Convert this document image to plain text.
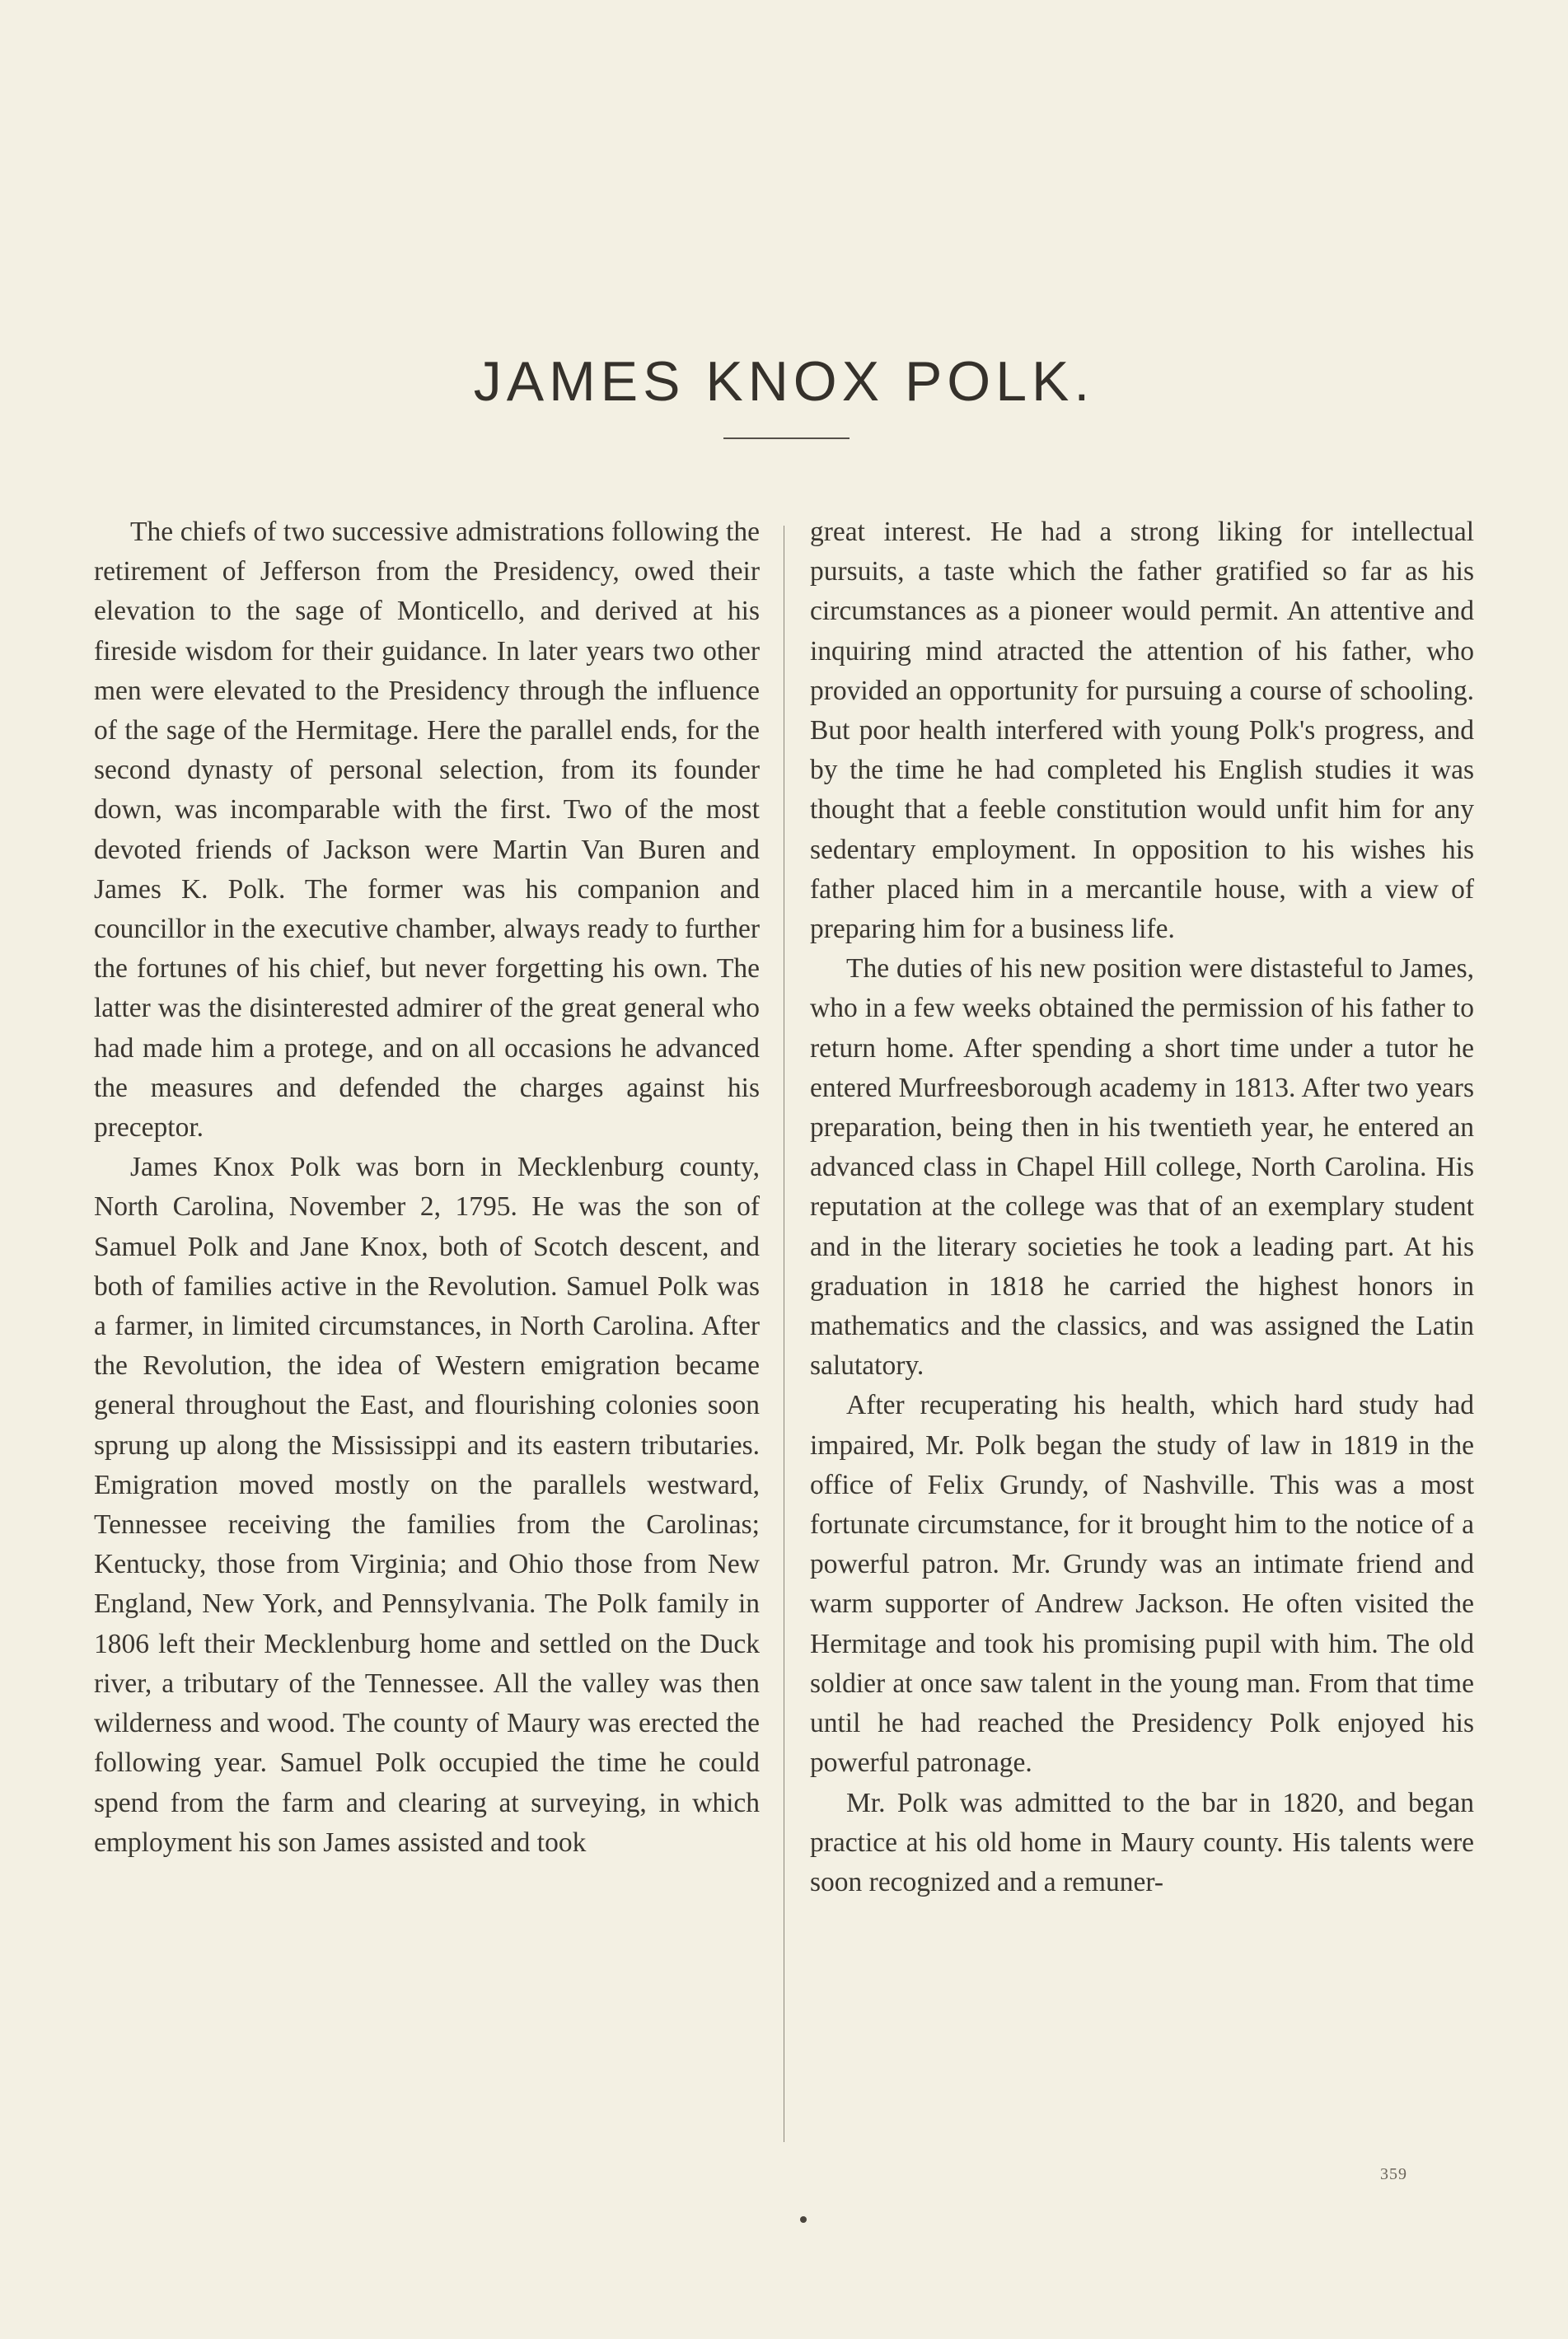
JAMES KNOX POLK.

The chiefs of two successive admistrations following the retirement of Jefferson from the Presidency, owed their elevation to the sage of Monticello, and derived at his fireside wisdom for their guidance. In later years two other men were elevated to the Presidency through the influence of the sage of the Hermitage. Here the parallel ends, for the second dynasty of personal selection, from its founder down, was incomparable with the first. Two of the most devoted friends of Jackson were Martin Van Buren and James K. Polk. The former was his companion and councillor in the executive chamber, always ready to further the fortunes of his chief, but never forgetting his own. The latter was the disinterested admirer of the great general who had made him a protege, and on all occasions he advanced the measures and defended the charges against his preceptor.

James Knox Polk was born in Mecklenburg county, North Carolina, November 2, 1795. He was the son of Samuel Polk and Jane Knox, both of Scotch descent, and both of families active in the Revolution. Samuel Polk was a farmer, in limited circumstances, in North Carolina. After the Revolution, the idea of Western emigration became general throughout the East, and flourishing colonies soon sprung up along the Mississippi and its eastern tributaries. Emigration moved mostly on the parallels westward, Tennessee receiving the families from the Carolinas; Kentucky, those from Virginia; and Ohio those from New England, New York, and Pennsylvania. The Polk family in 1806 left their Mecklenburg home and settled on the Duck river, a tributary of the Tennessee. All the valley was then wilderness and wood. The county of Maury was erected the following year. Samuel Polk occupied the time he could spend from the farm and clearing at surveying, in which employment his son James assisted and took

great interest. He had a strong liking for intellectual pursuits, a taste which the father gratified so far as his circumstances as a pioneer would permit. An attentive and inquiring mind atracted the attention of his father, who provided an opportunity for pursuing a course of schooling. But poor health interfered with young Polk's progress, and by the time he had completed his English studies it was thought that a feeble constitution would unfit him for any sedentary employment. In opposition to his wishes his father placed him in a mercantile house, with a view of preparing him for a business life.

The duties of his new position were distasteful to James, who in a few weeks obtained the permission of his father to return home. After spending a short time under a tutor he entered Murfreesborough academy in 1813. After two years preparation, being then in his twentieth year, he entered an advanced class in Chapel Hill college, North Carolina. His reputation at the college was that of an exemplary student and in the literary societies he took a leading part. At his graduation in 1818 he carried the highest honors in mathematics and the classics, and was assigned the Latin salutatory.

After recuperating his health, which hard study had impaired, Mr. Polk began the study of law in 1819 in the office of Felix Grundy, of Nashville. This was a most fortunate circumstance, for it brought him to the notice of a powerful patron. Mr. Grundy was an intimate friend and warm supporter of Andrew Jackson. He often visited the Hermitage and took his promising pupil with him. The old soldier at once saw talent in the young man. From that time until he had reached the Presidency Polk enjoyed his powerful patronage.

Mr. Polk was admitted to the bar in 1820, and began practice at his old home in Maury county. His talents were soon recognized and a remuner-

359
